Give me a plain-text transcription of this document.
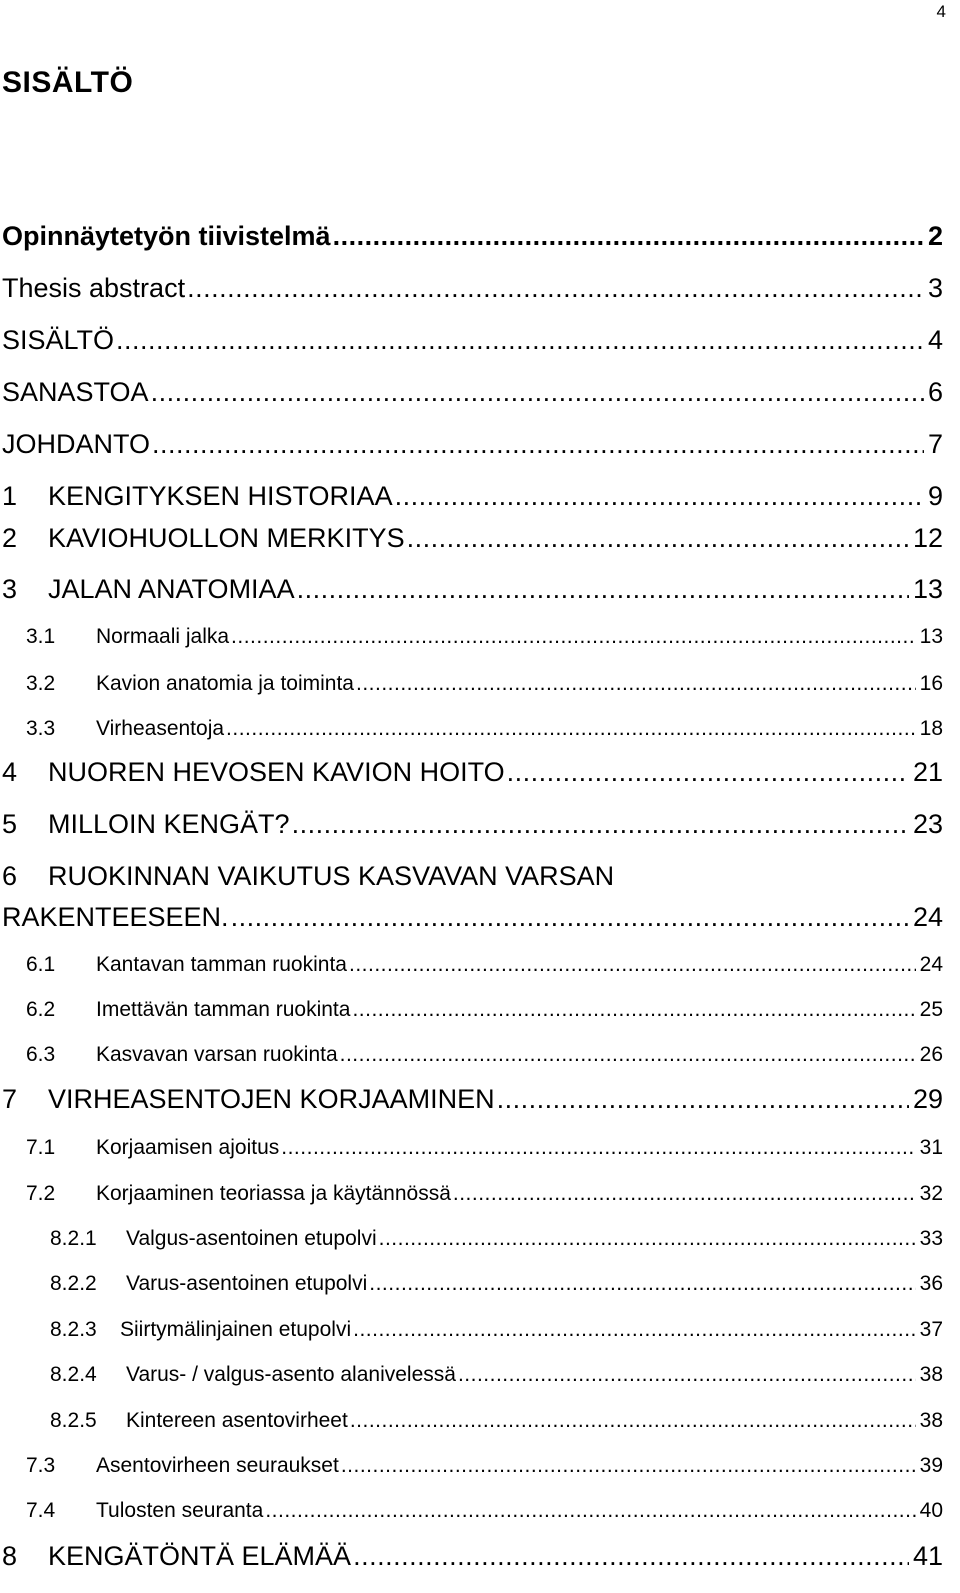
4
SISÄLTÖ
Opinnäytetyön tiivistelmä .....	2
Thesis abstract .....	3
SISÄLTÖ .....	4
SANASTOA .....	6
JOHDANTO .....	7
1	KENGITYKSEN HISTORIAA .....	9
2	KAVIOHUOLLON MERKITYS .....	12
3	JALAN ANATOMIAA .....	13
3.1	Normaali jalka .....	13
3.2	Kavion anatomia ja toiminta .....	16
3.3	Virheasentoja .....	18
4	NUOREN HEVOSEN KAVION HOITO .....	21
5	MILLOIN KENGÄT? .....	23
6 RUOKINNAN VAIKUTUS KASVAVAN VARSAN
RAKENTEESEEN. .....	24
6.1	Kantavan tamman ruokinta .....	24
6.2	Imettävän tamman ruokinta .....	25
6.3	Kasvavan varsan ruokinta .....	26
7	VIRHEASENTOJEN KORJAAMINEN .....	29
7.1	Korjaamisen ajoitus .....	31
7.2	Korjaaminen teoriassa ja käytännössä .....	32
8.2.1	Valgus-asentoinen etupolvi .....	33
8.2.2	Varus-asentoinen etupolvi .....	36
8.2.3	Siirtymälinjainen etupolvi .....	37
8.2.4	Varus- / valgus-asento alanivelessä .....	38
8.2.5	Kintereen asentovirheet .....	38
7.3	Asentovirheen seuraukset .....	39
7.4	Tulosten seuranta .....	40
8	KENGÄTÖNTÄ ELÄMÄÄ .....	41
